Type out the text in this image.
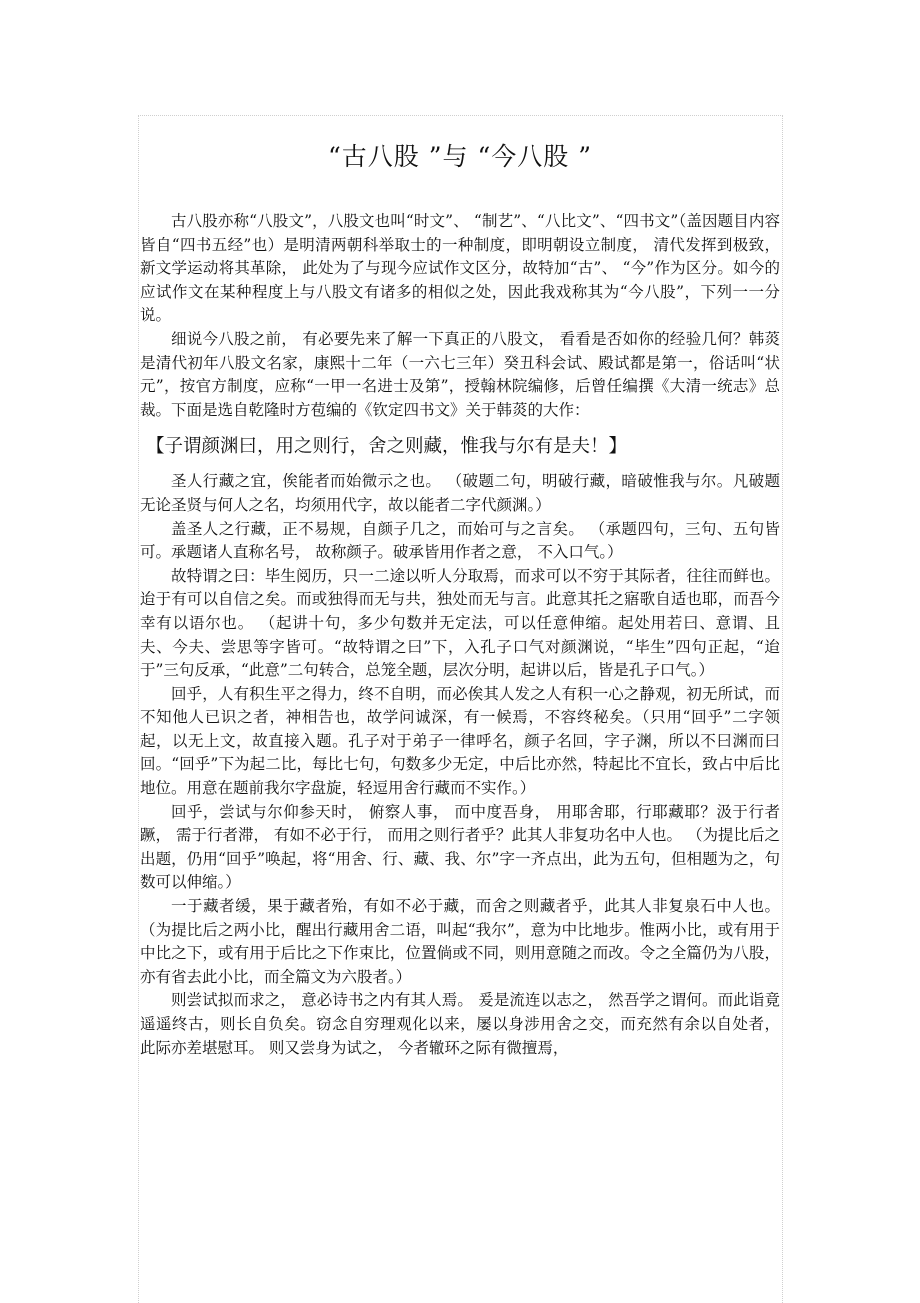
“古八股 ”与 “今八股 ”

古八股亦称“八股文”，八股文也叫“时文”、 “制艺”、“八比文”、“四书文”（盖因题目内容皆自“四书五经”也）是明清两朝科举取士的一种制度，即明朝设立制度， 清代发挥到极致， 新文学运动将其革除， 此处为了与现今应试作文区分，故特加“古”、 “今”作为区分。如今的应试作文在某种程度上与八股文有诸多的相似之处，因此我戏称其为“今八股”，下列一一分说。

细说今八股之前， 有必要先来了解一下真正的八股文， 看看是否如你的经验几何？韩菼是清代初年八股文名家，康熙十二年（一六七三年）癸丑科会试、殿试都是第一，俗话叫“状元”，按官方制度，应称“一甲一名进士及第”，授翰林院编修，后曾任编撰《大清一统志》总裁。下面是选自乾隆时方苞编的《钦定四书文》关于韩菼的大作：

【子谓颜渊曰，用之则行，舍之则藏，惟我与尔有是夫！】

圣人行藏之宜，俟能者而始微示之也。 （破题二句，明破行藏，暗破惟我与尔。凡破题无论圣贤与何人之名，均须用代字，故以能者二字代颜渊。）

盖圣人之行藏，正不易规，自颜子几之，而始可与之言矣。 （承题四句，三句、五句皆可。承题诸人直称名号， 故称颜子。破承皆用作者之意， 不入口气。）

故特谓之曰：毕生阅历，只一二途以听人分取焉，而求可以不穷于其际者，往往而鲜也。迨于有可以自信之矣。而或独得而无与共，独处而无与言。此意其托之寤歌自适也耶，而吾今幸有以语尔也。 （起讲十句，多少句数并无定法，可以任意伸缩。起处用若曰、意谓、且夫、今夫、尝思等字皆可。“故特谓之曰”下，入孔子口气对颜渊说，“毕生”四句正起，“迨于”三句反承，“此意”二句转合，总笼全题，层次分明，起讲以后，皆是孔子口气。）

回乎，人有积生平之得力，终不自明，而必俟其人发之人有积一心之静观，初无所试，而不知他人已识之者，神相告也，故学问诚深，有一候焉，不容终秘矣。（只用“回乎”二字领起，以无上文，故直接入题。孔子对于弟子一律呼名，颜子名回，字子渊，所以不曰渊而曰回。“回乎”下为起二比，每比七句，句数多少无定，中后比亦然，特起比不宜长，致占中后比地位。用意在题前我尔字盘旋，轻逗用舍行藏而不实作。）

回乎，尝试与尔仰参天时， 俯察人事， 而中度吾身， 用耶舍耶，行耶藏耶？汲于行者蹶， 需于行者滞， 有如不必于行， 而用之则行者乎？此其人非复功名中人也。 （为提比后之出题，仍用“回乎”唤起，将“用舍、行、藏、我、尔”字一齐点出，此为五句，但相题为之，句数可以伸缩。）

一于藏者缓，果于藏者殆，有如不必于藏，而舍之则藏者乎，此其人非复泉石中人也。 （为提比后之两小比，醒出行藏用舍二语，叫起“我尔”，意为中比地步。惟两小比，或有用于中比之下，或有用于后比之下作束比，位置倘或不同，则用意随之而改。令之全篇仍为八股，亦有省去此小比，而全篇文为六股者。）

则尝试拟而求之， 意必诗书之内有其人焉。 爰是流连以志之， 然吾学之谓何。而此诣竟遥遥终古，则长自负矣。窃念自穷理观化以来，屡以身涉用舍之交，而充然有余以自处者， 此际亦差堪慰耳。 则又尝身为试之， 今者辙环之际有微擅焉，
